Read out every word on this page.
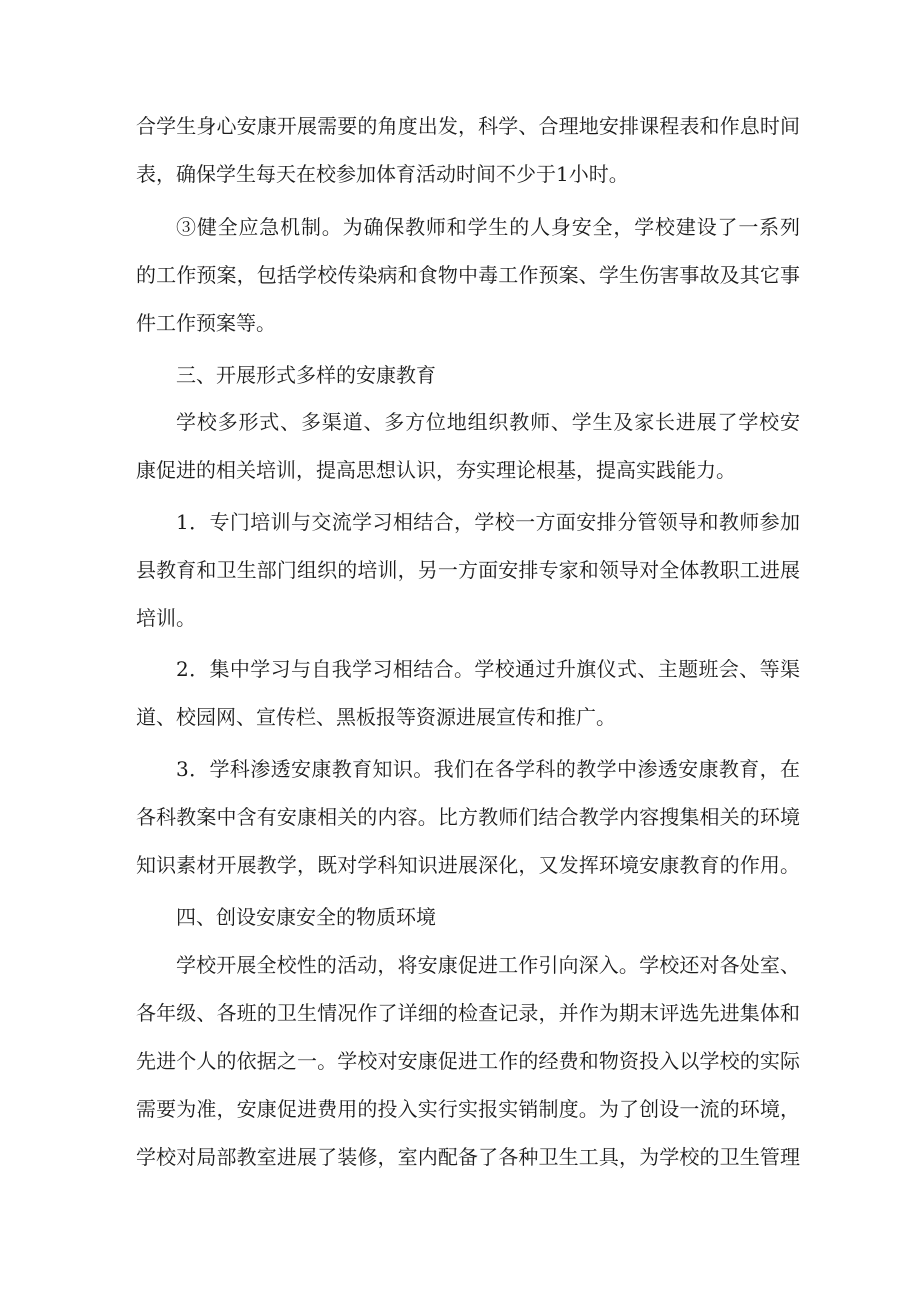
合学生身心安康开展需要的角度出发，科学、合理地安排课程表和作息时间
表，确保学生每天在校参加体育活动时间不少于1小时。
③健全应急机制。为确保教师和学生的人身安全，学校建设了一系列
的工作预案，包括学校传染病和食物中毒工作预案、学生伤害事故及其它事
件工作预案等。
三、开展形式多样的安康教育
学校多形式、多渠道、多方位地组织教师、学生及家长进展了学校安
康促进的相关培训，提高思想认识，夯实理论根基，提高实践能力。
1．专门培训与交流学习相结合，学校一方面安排分管领导和教师参加
县教育和卫生部门组织的培训，另一方面安排专家和领导对全体教职工进展
培训。
2．集中学习与自我学习相结合。学校通过升旗仪式、主题班会、等渠
道、校园网、宣传栏、黑板报等资源进展宣传和推广。
3．学科渗透安康教育知识。我们在各学科的教学中渗透安康教育，在
各科教案中含有安康相关的内容。比方教师们结合教学内容搜集相关的环境
知识素材开展教学，既对学科知识进展深化，又发挥环境安康教育的作用。
四、创设安康安全的物质环境
学校开展全校性的活动，将安康促进工作引向深入。学校还对各处室、
各年级、各班的卫生情况作了详细的检查记录，并作为期末评选先进集体和
先进个人的依据之一。学校对安康促进工作的经费和物资投入以学校的实际
需要为准，安康促进费用的投入实行实报实销制度。为了创设一流的环境，
学校对局部教室进展了装修，室内配备了各种卫生工具，为学校的卫生管理
